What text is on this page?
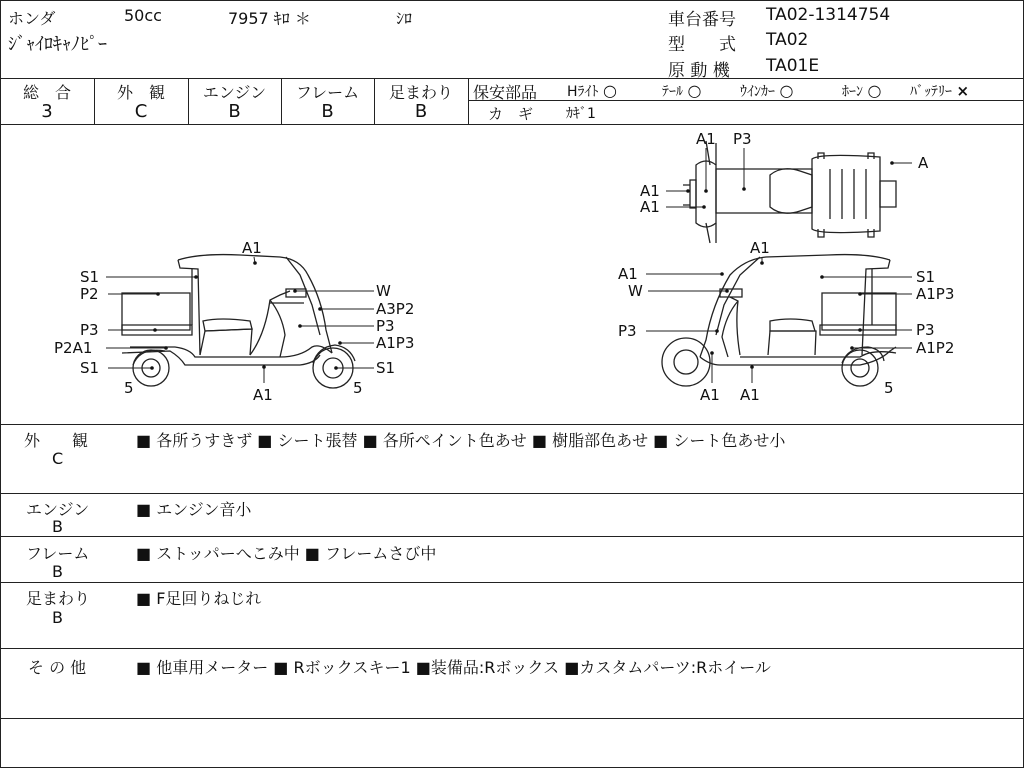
ホンダ	50cc	7957 ｷﾛ ＊	ｼﾛ
ｼﾞｬｲﾛｷｬﾉﾋﾟｰ
車台番号 TA02-1314754
型　　式 TA02
原 動 機 TA01E
総　合	外　観	エンジン	フレーム	足まわり
3	C	B	B	B
保安部品 Hﾗｲﾄ ○	ﾃｰﾙ ○	ｳｲﾝｶｰ ○	ﾎｰﾝ ○ ﾊﾞｯﾃﾘｰ ×
カ　ギ ｶｷﾞ1
A1
S1
P2	W
A3P2
P3	P3
A1P3
P2A1
S1	S1
5	5
A1
A1
A1	S1
W	A1P3
P3	P3
A1P2
A1 A1	5
A1 P3
A
A1
A1
外　　観
C
■ 各所うすきず ■ シート張替 ■ 各所ペイント色あせ ■ 樹脂部色あせ ■ シート色あせ小
エンジン
B
■ エンジン音小
フレーム
B
■ ストッパーへこみ中 ■ フレームさび中
足まわり
B
■ F足回りねじれ
そ の 他	■ 他車用メーター ■ Rボックスキー1 ■装備品:Rボックス ■カスタムパーツ:Rホイール
